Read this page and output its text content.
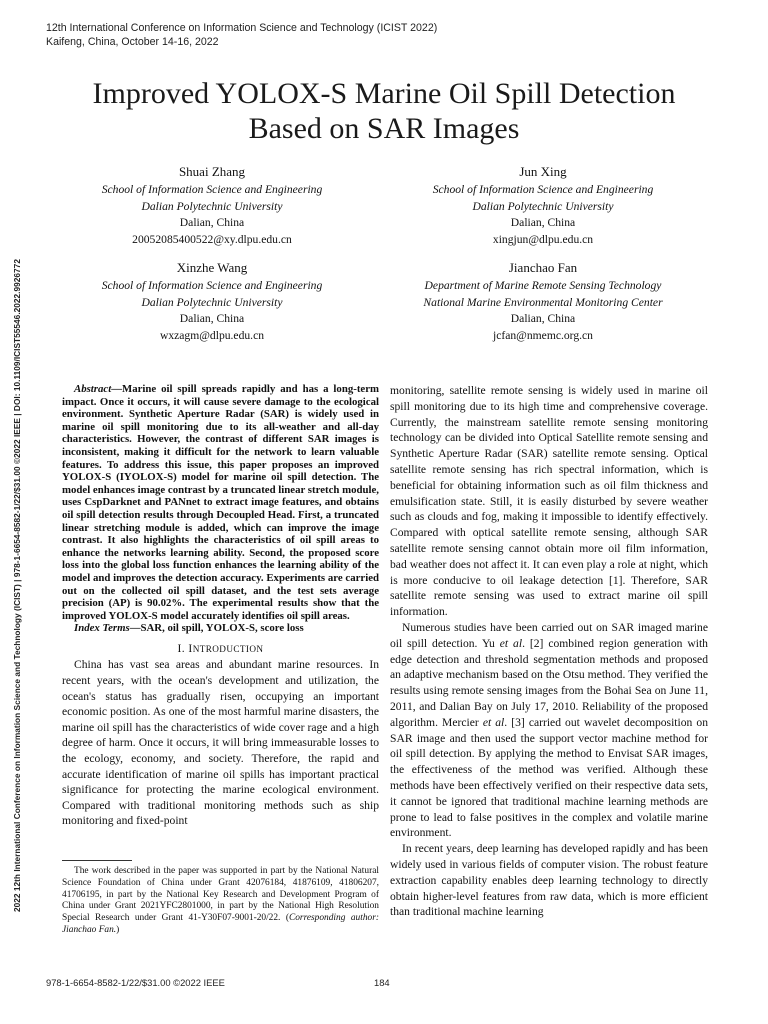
12th International Conference on Information Science and Technology (ICIST 2022)
Kaifeng, China, October 14-16, 2022
Improved YOLOX-S Marine Oil Spill Detection
Based on SAR Images
Shuai Zhang
School of Information Science and Engineering
Dalian Polytechnic University
Dalian, China
20052085400522@xy.dlpu.edu.cn
Jun Xing
School of Information Science and Engineering
Dalian Polytechnic University
Dalian, China
xingjun@dlpu.edu.cn
Xinzhe Wang
School of Information Science and Engineering
Dalian Polytechnic University
Dalian, China
wxzagm@dlpu.edu.cn
Jianchao Fan
Department of Marine Remote Sensing Technology
National Marine Environmental Monitoring Center
Dalian, China
jcfan@nmemc.org.cn
2022 12th International Conference on Information Science and Technology (ICIST) | 978-1-6654-8582-1/22/$31.00 ©2022 IEEE | DOI: 10.1109/ICIST55546.2022.9926772	Abstract—Marine oil spill spreads rapidly and has a long-term impact. Once it occurs, it will cause severe damage to the ecological environment. Synthetic Aperture Radar (SAR) is widely used in marine oil spill monitoring due to its all-weather and all-day characteristics. However, the contrast of different SAR images is inconsistent, making it difficult for the network to learn valuable features. To address this issue, this paper proposes an improved YOLOX-S (IYOLOX-S) model for marine oil spill detection. The model enhances image contrast by a truncated linear stretch module, uses CspDarknet and PANnet to extract image features, and obtains oil spill detection results through Decoupled Head. First, a truncated linear stretching module is added, which can improve the image contrast. It also highlights the characteristics of oil spill areas to enhance the networks learning ability. Second, the proposed score loss into the global loss function enhances the learning ability of the model and improves the detection accuracy. Experiments are carried out on the collected oil spill dataset, and the test sets average precision (AP) is 90.02%. The experimental results show that the improved YOLOX-S model accurately identifies oil spill areas.

Index Terms—SAR, oil spill, YOLOX-S, score loss

I. INTRODUCTION

China has vast sea areas and abundant marine resources. In recent years, with the ocean's development and utilization, the ocean's status has gradually risen, occupying an important economic position. As one of the most harmful marine disasters, the marine oil spill has the characteristics of wide cover rage and a high degree of harm. Once it occurs, it will bring immeasurable losses to the ecology, economy, and society. Therefore, the rapid and accurate identification of marine oil spills has important practical significance for protecting the marine ecological environment. Compared with traditional monitoring methods such as ship monitoring and fixed-point

The work described in the paper was supported in part by the National Natural Science Foundation of China under Grant 42076184, 41876109, 41806207, 41706195, in part by the National Key Research and Development Program of China under Grant 2021YFC2801000, in part by the National High Resolution Special Research under Grant 41-Y30F07-9001-20/22. (Corresponding author: Jianchao Fan.)

monitoring, satellite remote sensing is widely used in marine oil spill monitoring due to its high time and comprehensive coverage. Currently, the mainstream satellite remote sensing monitoring technology can be divided into Optical Satellite remote sensing and Synthetic Aperture Radar (SAR) satellite remote sensing. Optical satellite remote sensing has rich spectral information, which is beneficial for obtaining information such as oil film thickness and emulsification state. Still, it is easily disturbed by severe weather such as clouds and fog, making it impossible to identify effectively. Compared with optical satellite remote sensing, although SAR satellite remote sensing cannot obtain more oil film information, bad weather does not affect it. It can even play a role at night, which is more conducive to oil leakage detection [1]. Therefore, SAR satellite remote sensing was used to extract marine oil spill information.

Numerous studies have been carried out on SAR imaged marine oil spill detection. Yu et al. [2] combined region generation with edge detection and threshold segmentation methods and proposed an adaptive mechanism based on the Otsu method. They verified the results using remote sensing images from the Bohai Sea on June 11, 2011, and Dalian Bay on July 17, 2010. Reliability of the proposed algorithm. Mercier et al. [3] carried out wavelet decomposition on SAR image and then used the support vector machine method for oil spill detection. By applying the method to Envisat SAR images, the effectiveness of the method was verified. Although these methods have been effectively verified on their respective data sets, it cannot be ignored that traditional machine learning methods are prone to lead to false positives in the complex and volatile marine environment.

In recent years, deep learning has developed rapidly and has been widely used in various fields of computer vision. The robust feature extraction capability enables deep learning technology to directly obtain higher-level features from raw data, which is more efficient than traditional machine learning

978-1-6654-8582-1/22/$31.00 ©2022 IEEE	184
